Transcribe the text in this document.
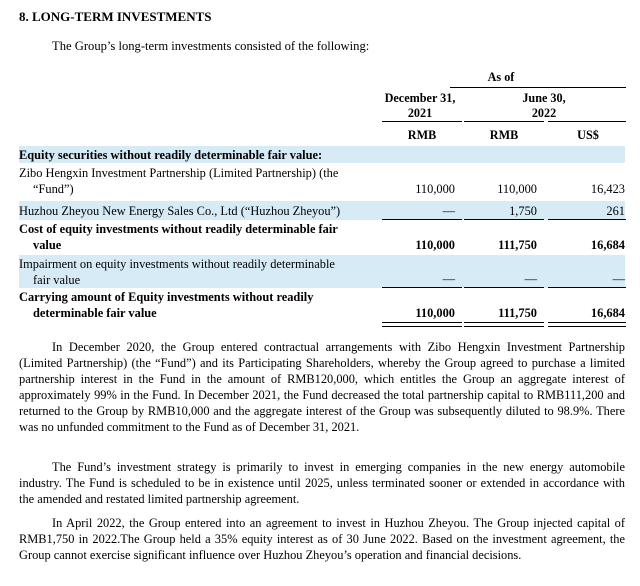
8. LONG-TERM INVESTMENTS
The Group’s long-term investments consisted of the following:
As of
December 31,
2021
June 30,
2022
RMB	RMB	US$
Equity securities without readily determinable fair value:
Zibo Hengxin Investment Partnership (Limited Partnership) (the
“Fund”)	110,000	110,000	16,423
Huzhou Zheyou New Energy Sales Co., Ltd (“Huzhou Zheyou”)	—	1,750	261
Cost of equity investments without readily determinable fair
value	110,000	111,750	16,684
Impairment on equity investments without readily determinable
fair value	—	—	—
Carrying amount of Equity investments without readily
determinable fair value	110,000	111,750	16,684
In December 2020, the Group entered contractual arrangements with Zibo Hengxin Investment Partnership (Limited Partnership) (the “Fund”) and its Participating Shareholders, whereby the Group agreed to purchase a limited partnership interest in the Fund in the amount of RMB120,000, which entitles the Group an aggregate interest of approximately 99% in the Fund. In December 2021, the Fund decreased the total partnership capital to RMB111,200 and returned to the Group by RMB10,000 and the aggregate interest of the Group was subsequently diluted to 98.9%. There was no unfunded commitment to the Fund as of December 31, 2021.
The Fund’s investment strategy is primarily to invest in emerging companies in the new energy automobile industry. The Fund is scheduled to be in existence until 2025, unless terminated sooner or extended in accordance with the amended and restated limited partnership agreement.
In April 2022, the Group entered into an agreement to invest in Huzhou Zheyou. The Group injected capital of RMB1,750 in 2022.The Group held a 35% equity interest as of 30 June 2022. Based on the investment agreement, the Group cannot exercise significant influence over Huzhou Zheyou’s operation and financial decisions.
